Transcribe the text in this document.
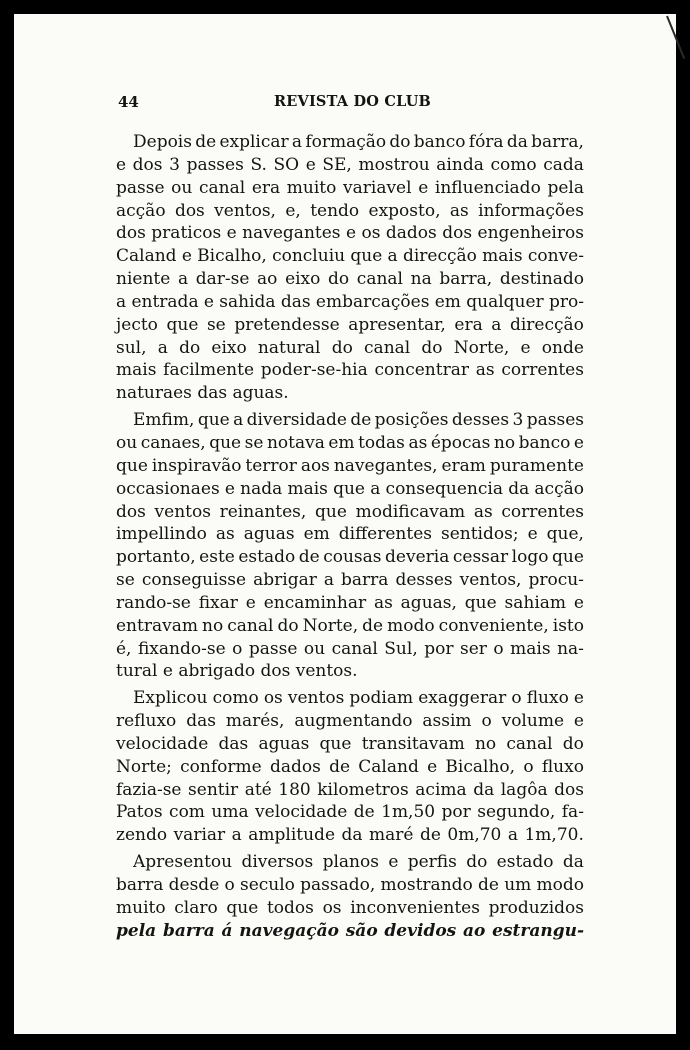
44	REVISTA DO CLUB
Depois de explicar a formação do banco fóra da barra,
e dos 3 passes S. SO e SE, mostrou ainda como cada
passe ou canal era muito variavel e influenciado pela
acção dos ventos, e, tendo exposto, as informações
dos praticos e navegantes e os dados dos engenheiros
Caland e Bicalho, concluiu que a direcção mais conve-
niente a dar-se ao eixo do canal na barra, destinado
a entrada e sahida das embarcações em qualquer pro-
jecto que se pretendesse apresentar, era a direcção
sul, a do eixo natural do canal do Norte, e onde
mais facilmente poder-se-hia concentrar as correntes
naturaes das aguas.
Emfim, que a diversidade de posições desses 3 passes
ou canaes, que se notava em todas as épocas no banco e
que inspiravão terror aos navegantes, eram puramente
occasionaes e nada mais que a consequencia da acção
dos ventos reinantes, que modificavam as correntes
impellindo as aguas em differentes sentidos; e que,
portanto, este estado de cousas deveria cessar logo que
se conseguisse abrigar a barra desses ventos, procu-
rando-se fixar e encaminhar as aguas, que sahiam e
entravam no canal do Norte, de modo conveniente, isto
é, fixando-se o passe ou canal Sul, por ser o mais na-
tural e abrigado dos ventos.
Explicou como os ventos podiam exaggerar o fluxo e
refluxo das marés, augmentando assim o volume e
velocidade das aguas que transitavam no canal do
Norte; conforme dados de Caland e Bicalho, o fluxo
fazia-se sentir até 180 kilometros acima da lagôa dos
Patos com uma velocidade de 1m,50 por segundo, fa-
zendo variar a amplitude da maré de 0m,70 a 1m,70.
Apresentou diversos planos e perfis do estado da
barra desde o seculo passado, mostrando de um modo
muito claro que todos os inconvenientes produzidos
pela barra á navegação são devidos ao estrangu-
